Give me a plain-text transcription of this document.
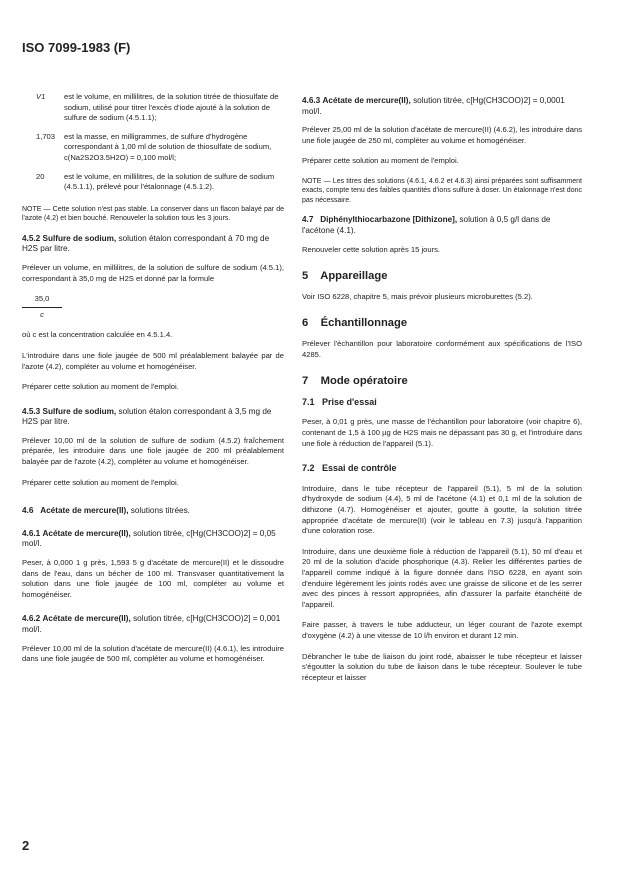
ISO 7099-1983 (F)
V1	est le volume, en millilitres, de la solution titrée de thiosulfate de sodium, utilisé pour titrer l'excès d'iode ajouté à la solution de sulfure de sodium (4.5.1.1);
1,703	est la masse, en milligrammes, de sulfure d'hydrogène correspondant à 1,00 ml de solution de thiosulfate de sodium, c(Na2S2O3.5H2O) = 0,100 mol/l;
20	est le volume, en millilitres, de la solution de sulfure de sodium (4.5.1.1), prélevé pour l'étalonnage (4.5.1.2).

NOTE — Cette solution n'est pas stable. La conserver dans un flacon balayé par de l'azote (4.2) et bien bouché. Renouveler la solution tous les 3 jours.

4.5.2 Sulfure de sodium, solution étalon correspondant à 70 mg de H2S par litre.

Prélever un volume, en millilitres, de la solution de sulfure de sodium (4.5.1), correspondant à 35,0 mg de H2S et donné par la formule

35,0
c

où c est la concentration calculée en 4.5.1.4.

L'introduire dans une fiole jaugée de 500 ml préalablement balayée par de l'azote (4.2), compléter au volume et homogénéiser.

Préparer cette solution au moment de l'emploi.

4.5.3 Sulfure de sodium, solution étalon correspondant à 3,5 mg de H2S par litre.

Prélever 10,00 ml de la solution de sulfure de sodium (4.5.2) fraîchement préparée, les introduire dans une fiole jaugée de 200 ml préalablement balayée par de l'azote (4.2), compléter au volume et homogénéiser.

Préparer cette solution au moment de l'emploi.

4.6 Acétate de mercure(II), solutions titrées.
4.6.1 Acétate de mercure(II), solution titrée, c[Hg(CH3COO)2] = 0,05 mol/l.

Peser, à 0,000 1 g près, 1,593 5 g d'acétate de mercure(II) et le dissoudre dans de l'eau, dans un bécher de 100 ml. Transvaser quantitativement la solution dans une fiole jaugée de 100 ml, compléter au volume et homogénéiser.

4.6.2 Acétate de mercure(II), solution titrée, c[Hg(CH3COO)2] = 0,001 mol/l.

Prélever 10,00 ml de la solution d'acétate de mercure(II) (4.6.1), les introduire dans une fiole jaugée de 500 ml, compléter au volume et homogénéiser.

4.6.3 Acétate de mercure(II), solution titrée, c[Hg(CH3COO)2] = 0,0001 mol/l.

Prélever 25,00 ml de la solution d'acétate de mercure(II) (4.6.2), les introduire dans une fiole jaugée de 250 ml, compléter au volume et homogénéiser.

Préparer cette solution au moment de l'emploi.

NOTE — Les titres des solutions (4.6.1, 4.6.2 et 4.6.3) ainsi préparées sont suffisamment exacts, compte tenu des faibles quantités d'ions sulfure à doser. Un étalonnage n'est donc pas nécessaire.

4.7 Diphénylthiocarbazone [Dithizone], solution à 0,5 g/l dans de l'acétone (4.1).

Renouveler cette solution après 15 jours.

5 Appareillage

Voir ISO 6228, chapitre 5, mais prévoir plusieurs microburettes (5.2).

6 Échantillonnage

Prélever l'échantillon pour laboratoire conformément aux spécifications de l'ISO 4285.

7 Mode opératoire
7.1 Prise d'essai

Peser, à 0,01 g près, une masse de l'échantillon pour laboratoire (voir chapitre 6), contenant de 1,5 à 100 µg de H2S mais ne dépassant pas 30 g, et l'introduire dans une fiole à réduction de l'appareil (5.1).

7.2 Essai de contrôle

Introduire, dans le tube récepteur de l'appareil (5.1), 5 ml de la solution d'hydroxyde de sodium (4.4), 5 ml de l'acétone (4.1) et 0,1 ml de la solution de dithizone (4.7). Homogénéiser et ajouter, goutte à goutte, la solution titrée appropriée d'acétate de mercure(II) (voir le tableau en 7.3) jusqu'à l'apparition d'une coloration rose.

Introduire, dans une deuxième fiole à réduction de l'appareil (5.1), 50 ml d'eau et 20 ml de la solution d'acide phosphorique (4.3). Relier les différentes parties de l'appareil comme indiqué à la figure donnée dans l'ISO 6228, en ayant soin d'enduire légèrement les joints rodés avec une graisse de silicone et de les serrer avec des pinces à ressort appropriées, afin d'assurer la parfaite étanchéité de l'appareil.

Faire passer, à travers le tube adducteur, un léger courant de l'azote exempt d'oxygène (4.2) à une vitesse de 10 l/h environ et durant 12 min.

Débrancher le tube de liaison du joint rodé, abaisser le tube récepteur et laisser s'égoutter la solution du tube de liaison dans le tube récepteur. Soulever le tube récepteur et laisser

2
